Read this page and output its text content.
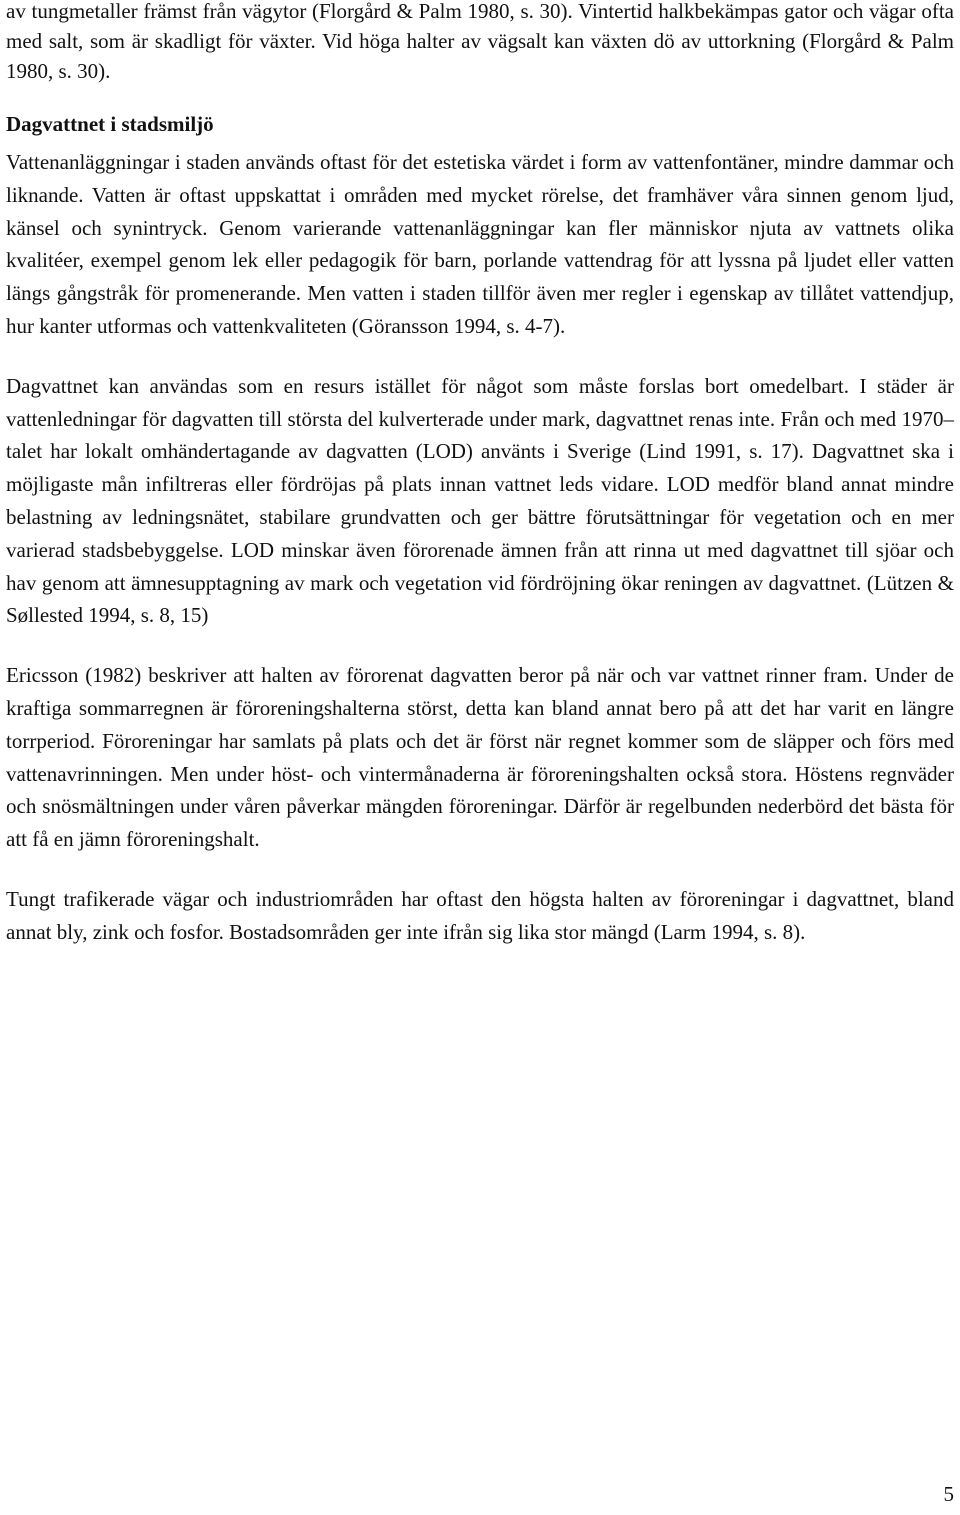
av tungmetaller främst från vägytor (Florgård & Palm 1980, s. 30). Vintertid halkbekämpas gator och vägar ofta med salt, som är skadligt för växter. Vid höga halter av vägsalt kan växten dö av uttorkning (Florgård & Palm 1980, s. 30).

Dagvattnet i stadsmiljö

Vattenanläggningar i staden används oftast för det estetiska värdet i form av vattenfontäner, mindre dammar och liknande. Vatten är oftast uppskattat i områden med mycket rörelse, det framhäver våra sinnen genom ljud, känsel och synintryck. Genom varierande vattenanläggningar kan fler människor njuta av vattnets olika kvalitéer, exempel genom lek eller pedagogik för barn, porlande vattendrag för att lyssna på ljudet eller vatten längs gångstråk för promenerande. Men vatten i staden tillför även mer regler i egenskap av tillåtet vattendjup, hur kanter utformas och vattenkvaliteten (Göransson 1994, s. 4-7).

Dagvattnet kan användas som en resurs istället för något som måste forslas bort omedelbart. I städer är vattenledningar för dagvatten till största del kulverterade under mark, dagvattnet renas inte. Från och med 1970–talet har lokalt omhändertagande av dagvatten (LOD) använts i Sverige (Lind 1991, s. 17). Dagvattnet ska i möjligaste mån infiltreras eller fördröjas på plats innan vattnet leds vidare. LOD medför bland annat mindre belastning av ledningsnätet, stabilare grundvatten och ger bättre förutsättningar för vegetation och en mer varierad stadsbebyggelse. LOD minskar även förorenade ämnen från att rinna ut med dagvattnet till sjöar och hav genom att ämnesupptagning av mark och vegetation vid fördröjning ökar reningen av dagvattnet. (Lützen & Søllested 1994, s. 8, 15)

Ericsson (1982) beskriver att halten av förorenat dagvatten beror på när och var vattnet rinner fram. Under de kraftiga sommarregnen är föroreningshalterna störst, detta kan bland annat bero på att det har varit en längre torrperiod. Föroreningar har samlats på plats och det är först när regnet kommer som de släpper och förs med vattenavrinningen. Men under höst- och vintermånaderna är föroreningshalten också stora. Höstens regnväder och snösmältningen under våren påverkar mängden föroreningar. Därför är regelbunden nederbörd det bästa för att få en jämn föroreningshalt.

Tungt trafikerade vägar och industriområden har oftast den högsta halten av föroreningar i dagvattnet, bland annat bly, zink och fosfor. Bostadsområden ger inte ifrån sig lika stor mängd (Larm 1994, s. 8).

5
